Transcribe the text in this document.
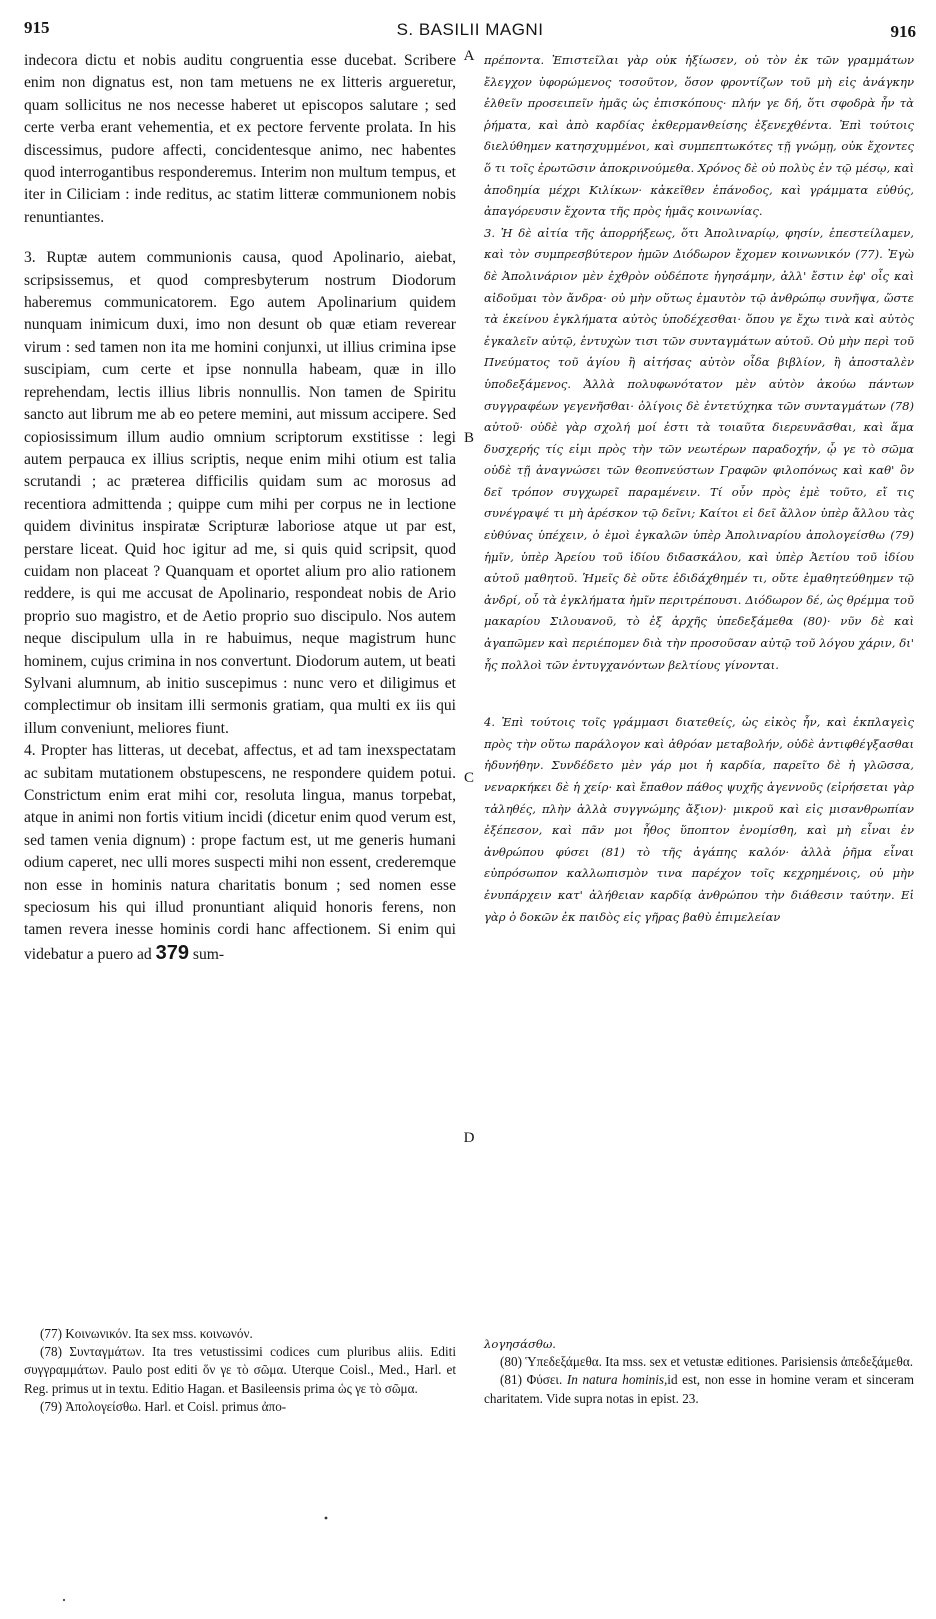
915	S. BASILII MAGNI	916

indecora dictu et nobis auditu congruentia esse ducebat. Scribere enim non dignatus est, non tam metuens ne ex litteris argueretur, quam sollicitus ne nos necesse haberet ut episcopos salutare ; sed certe verba erant vehementia, et ex pectore fervente prolata. In his discessimus, pudore affecti, concidentesque animo, nec habentes quod interrogantibus responderemus. Interim non multum tempus, et iter in Ciliciam : inde reditus, ac statim litteræ communionem nobis renuntiantes.

3. Ruptæ autem communionis causa, quod Apolinario, aiebat, scripsissemus, et quod compresbyterum nostrum Diodorum haberemus communicatorem. Ego autem Apolinarium quidem nunquam inimicum duxi, imo non desunt ob quæ etiam reverear virum : sed tamen non ita me homini conjunxi, ut illius crimina ipse suscipiam, cum certe et ipse nonnulla habeam, quæ in illo reprehendam, lectis illius libris nonnullis. Non tamen de Spiritu sancto aut librum me ab eo petere memini, aut missum accipere. Sed copiosissimum illum audio omnium scriptorum exstitisse : legi autem perpauca ex illius scriptis, neque enim mihi otium est talia scrutandi ; ac præterea difficilis quidam sum ac morosus ad recentiora admittenda ; quippe cum mihi per corpus ne in lectione quidem divinitus inspiratæ Scripturæ laboriose atque ut par est, perstare liceat. Quid hoc igitur ad me, si quis quid scripsit, quod cuidam non placeat ? Quanquam et oportet alium pro alio rationem reddere, is qui me accusat de Apolinario, respondeat nobis de Ario proprio suo magistro, et de Aetio proprio suo discipulo. Nos autem neque discipulum ulla in re habuimus, neque magistrum hunc hominem, cujus crimina in nos convertunt. Diodorum autem, ut beati Sylvani alumnum, ab initio suscepimus : nunc vero et diligimus et complectimur ob insitam illi sermonis gratiam, qua multi ex iis qui illum conveniunt, meliores fiunt.

4. Propter has litteras, ut decebat, affectus, et ad tam inexspectatam ac subitam mutationem obstupescens, ne respondere quidem potui. Constrictum enim erat mihi cor, resoluta lingua, manus torpebat, atque in animi non fortis vitium incidi (dicetur enim quod verum est, sed tamen venia dignum) : prope factum est, ut me generis humani odium caperet, nec ulli mores suspecti mihi non essent, crederemque non esse in hominis natura charitatis bonum ; sed nomen esse speciosum his qui illud pronuntiant aliquid honoris ferens, non tamen revera inesse hominis cordi hanc affectionem. Si enim qui videbatur a puero ad 379 sum-

A
B
C
D

πρέποντα. Ἐπιστεῖλαι γὰρ οὐκ ἠξίωσεν, οὐ τὸν ἐκ τῶν γραμμάτων ἔλεγχον ὑφορώμενος τοσοῦτον, ὅσον φροντίζων τοῦ μὴ εἰς ἀνάγκην ἐλθεῖν προσειπεῖν ἡμᾶς ὡς ἐπισκόπους· πλήν γε δή, ὅτι σφοδρὰ ἦν τὰ ῥήματα, καὶ ἀπὸ καρδίας ἐκθερμανθείσης ἐξενεχθέντα. Ἐπὶ τούτοις διελύθημεν κατησχυμμένοι, καὶ συμπεπτωκότες τῇ γνώμῃ, οὐκ ἔχοντες ὅ τι τοῖς ἐρωτῶσιν ἀποκρινούμεθα. Χρόνος δὲ οὐ πολὺς ἐν τῷ μέσῳ, καὶ ἀποδημία μέχρι Κιλίκων· κἀκεῖθεν ἐπάνοδος, καὶ γράμματα εὐθύς, ἀπαγόρευσιν ἔχοντα τῆς πρὸς ἡμᾶς κοινωνίας.

3. Ἡ δὲ αἰτία τῆς ἀπορρήξεως, ὅτι Ἀπολιναρίῳ, φησίν, ἐπεστείλαμεν, καὶ τὸν συμπρεσβύτερον ἡμῶν Διόδωρον ἔχομεν κοινωνικόν (77). Ἐγὼ δὲ Ἀπολινάριον μὲν ἐχθρὸν οὐδέποτε ἡγησάμην, ἀλλ' ἔστιν ἐφ' οἷς καὶ αἰδοῦμαι τὸν ἄνδρα· οὐ μὴν οὕτως ἐμαυτὸν τῷ ἀνθρώπῳ συνῆψα, ὥστε τὰ ἐκείνου ἐγκλήματα αὐτὸς ὑποδέχεσθαι· ὅπου γε ἔχω τινὰ καὶ αὐτὸς ἐγκαλεῖν αὐτῷ, ἐντυχὼν τισι τῶν συνταγμάτων αὐτοῦ. Οὐ μὴν περὶ τοῦ Πνεύματος τοῦ ἁγίου ἢ αἰτήσας αὐτὸν οἶδα βιβλίον, ἢ ἀποσταλὲν ὑποδεξάμενος. Ἀλλὰ πολυφωνότατον μὲν αὐτὸν ἀκούω πάντων συγγραφέων γεγενῆσθαι· ὀλίγοις δὲ ἐντετύχηκα τῶν συνταγμάτων (78) αὐτοῦ· οὐδὲ γὰρ σχολή μοί ἐστι τὰ τοιαῦτα διερευνᾶσθαι, καὶ ἅμα δυσχερής τίς εἰμι πρὸς τὴν τῶν νεωτέρων παραδοχήν, ᾧ γε τὸ σῶμα οὐδὲ τῇ ἀναγνώσει τῶν θεοπνεύστων Γραφῶν φιλοπόνως καὶ καθ' ὃν δεῖ τρόπον συγχωρεῖ παραμένειν. Τί οὖν πρὸς ἐμὲ τοῦτο, εἴ τις συνέγραψέ τι μὴ ἀρέσκον τῷ δεῖνι; Καίτοι εἰ δεῖ ἄλλον ὑπὲρ ἄλλου τὰς εὐθύνας ὑπέχειν, ὁ ἐμοὶ ἐγκαλῶν ὑπὲρ Ἀπολιναρίου ἀπολογείσθω (79) ἡμῖν, ὑπὲρ Ἀρείου τοῦ ἰδίου διδασκάλου, καὶ ὑπὲρ Ἀετίου τοῦ ἰδίου αὐτοῦ μαθητοῦ. Ἡμεῖς δὲ οὔτε ἐδιδάχθημέν τι, οὔτε ἐμαθητεύθημεν τῷ ἀνδρί, οὗ τὰ ἐγκλήματα ἡμῖν περιτρέπουσι. Διόδωρον δέ, ὡς θρέμμα τοῦ μακαρίου Σιλουανοῦ, τὸ ἐξ ἀρχῆς ὑπεδεξάμεθα (80)· νῦν δὲ καὶ ἀγαπῶμεν καὶ περιέπομεν διὰ τὴν προσοῦσαν αὐτῷ τοῦ λόγου χάριν, δι' ἧς πολλοὶ τῶν ἐντυγχανόντων βελτίους γίνονται.

4. Ἐπὶ τούτοις τοῖς γράμμασι διατεθείς, ὡς εἰκὸς ἦν, καὶ ἐκπλαγεὶς πρὸς τὴν οὕτω παράλογον καὶ ἀθρόαν μεταβολήν, οὐδὲ ἀντιφθέγξασθαι ἠδυνήθην. Συνδέδετο μὲν γάρ μοι ἡ καρδία, παρεῖτο δὲ ἡ γλῶσσα, νεναρκήκει δὲ ἡ χείρ· καὶ ἔπαθον πάθος ψυχῆς ἀγεννοῦς (εἰρήσεται γὰρ τἀληθές, πλὴν ἀλλὰ συγγνώμης ἄξιον)· μικροῦ καὶ εἰς μισανθρωπίαν ἐξέπεσον, καὶ πᾶν μοι ἦθος ὕποπτον ἐνομίσθη, καὶ μὴ εἶναι ἐν ἀνθρώπου φύσει (81) τὸ τῆς ἀγάπης καλόν· ἀλλὰ ῥῆμα εἶναι εὐπρόσωπον καλλωπισμὸν τινα παρέχον τοῖς κεχρημένοις, οὐ μὴν ἐνυπάρχειν κατ' ἀλήθειαν καρδίᾳ ἀνθρώπου τὴν διάθεσιν ταύτην. Εἰ γὰρ ὁ δοκῶν ἐκ παιδὸς εἰς γῆρας βαθὺ ἐπιμελείαν

(77) Κοινωνικόν. Ita sex mss. κοινωνόν.

(78) Συνταγμάτων. Ita tres vetustissimi codices cum pluribus aliis. Editi συγγραμμάτων. Paulo post editi ὅν γε τὸ σῶμα. Uterque Coisl., Med., Harl. et Reg. primus ut in textu. Editio Hagan. et Basileensis prima ὡς γε τὸ σῶμα.

(79) Ἀπολογείσθω. Harl. et Coisl. primus ἀπο-

λογησάσθω.

(80) Ὑπεδεξάμεθα. Ita mss. sex et vetustæ editiones. Parisiensis ἀπεδεξάμεθα.

(81) Φύσει. In natura hominis,id est, non esse in homine veram et sinceram charitatem. Vide supra notas in epist. 23.
